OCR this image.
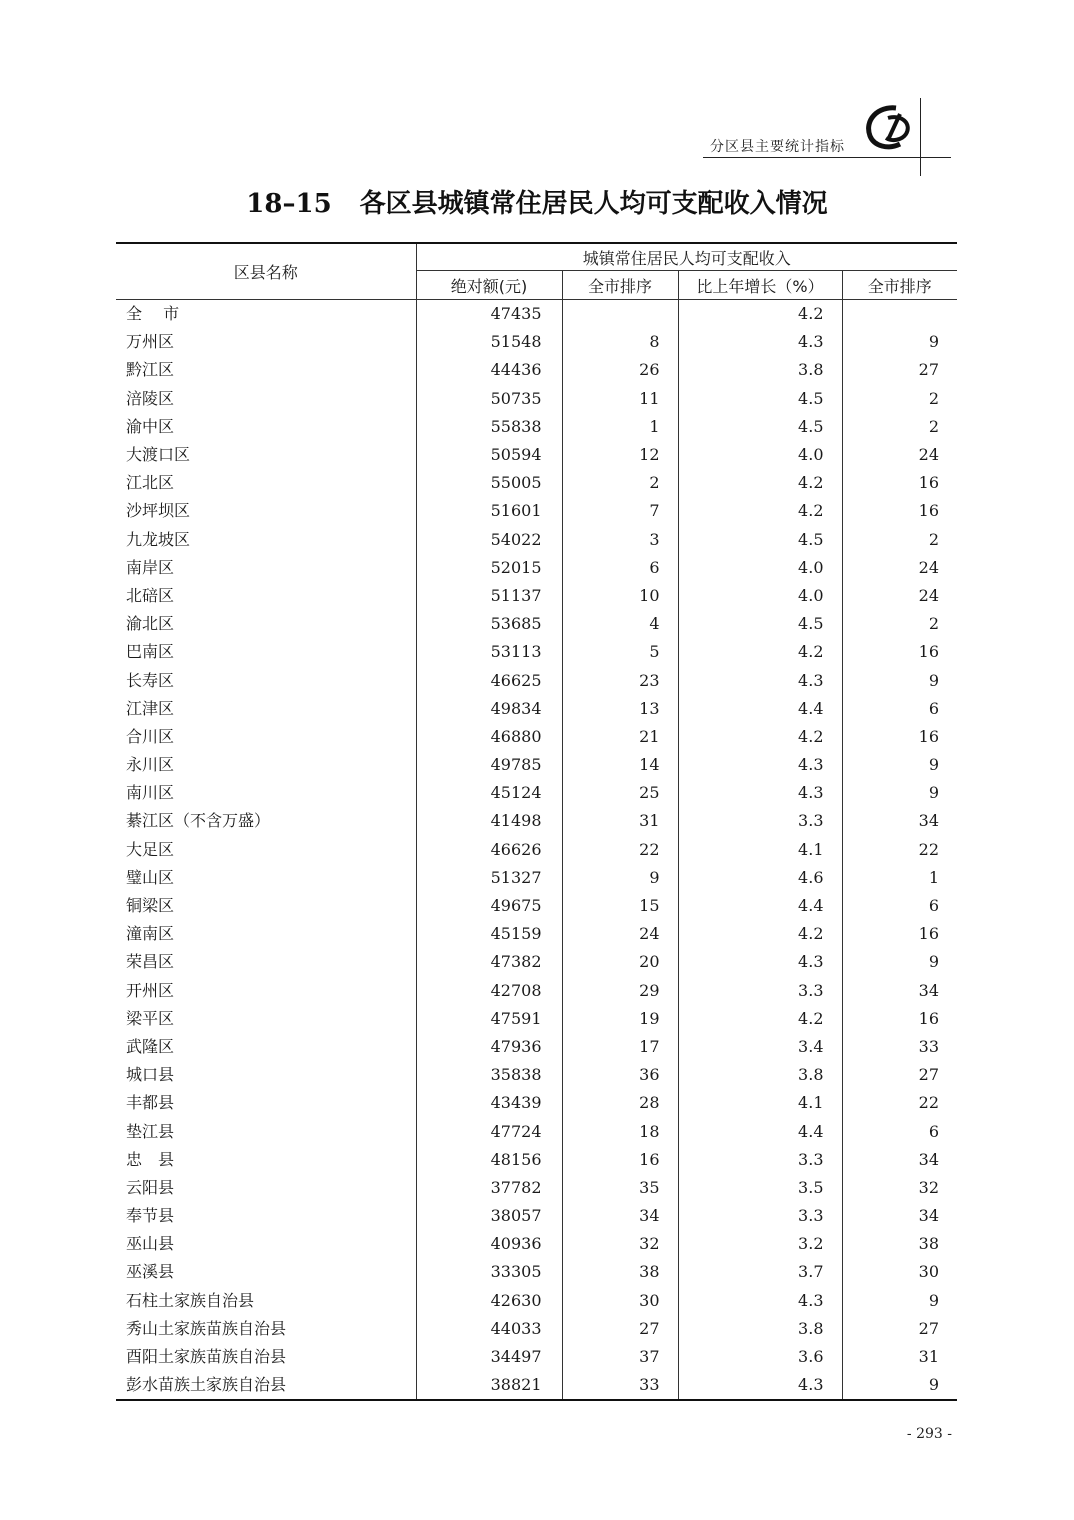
分区县主要统计指标
18–15 各区县城镇常住居民人均可支配收入情况
区县名称	城镇常住居民人均可支配收入			
	绝对额(元)	全市排序	比上年增长（%）	全市排序
全　 市	47435		4.2	
万州区	51548	8	4.3	9
黔江区	44436	26	3.8	27
涪陵区	50735	11	4.5	2
渝中区	55838	1	4.5	2
大渡口区	50594	12	4.0	24
江北区	55005	2	4.2	16
沙坪坝区	51601	7	4.2	16
九龙坡区	54022	3	4.5	2
南岸区	52015	6	4.0	24
北碚区	51137	10	4.0	24
渝北区	53685	4	4.5	2
巴南区	53113	5	4.2	16
长寿区	46625	23	4.3	9
江津区	49834	13	4.4	6
合川区	46880	21	4.2	16
永川区	49785	14	4.3	9
南川区	45124	25	4.3	9
綦江区（不含万盛）	41498	31	3.3	34
大足区	46626	22	4.1	22
璧山区	51327	9	4.6	1
铜梁区	49675	15	4.4	6
潼南区	45159	24	4.2	16
荣昌区	47382	20	4.3	9
开州区	42708	29	3.3	34
梁平区	47591	19	4.2	16
武隆区	47936	17	3.4	33
城口县	35838	36	3.8	27
丰都县	43439	28	4.1	22
垫江县	47724	18	4.4	6
忠　县	48156	16	3.3	34
云阳县	37782	35	3.5	32
奉节县	38057	34	3.3	34
巫山县	40936	32	3.2	38
巫溪县	33305	38	3.7	30
石柱土家族自治县	42630	30	4.3	9
秀山土家族苗族自治县	44033	27	3.8	27
酉阳土家族苗族自治县	34497	37	3.6	31
彭水苗族土家族自治县	38821	33	4.3	9
- 293 -
